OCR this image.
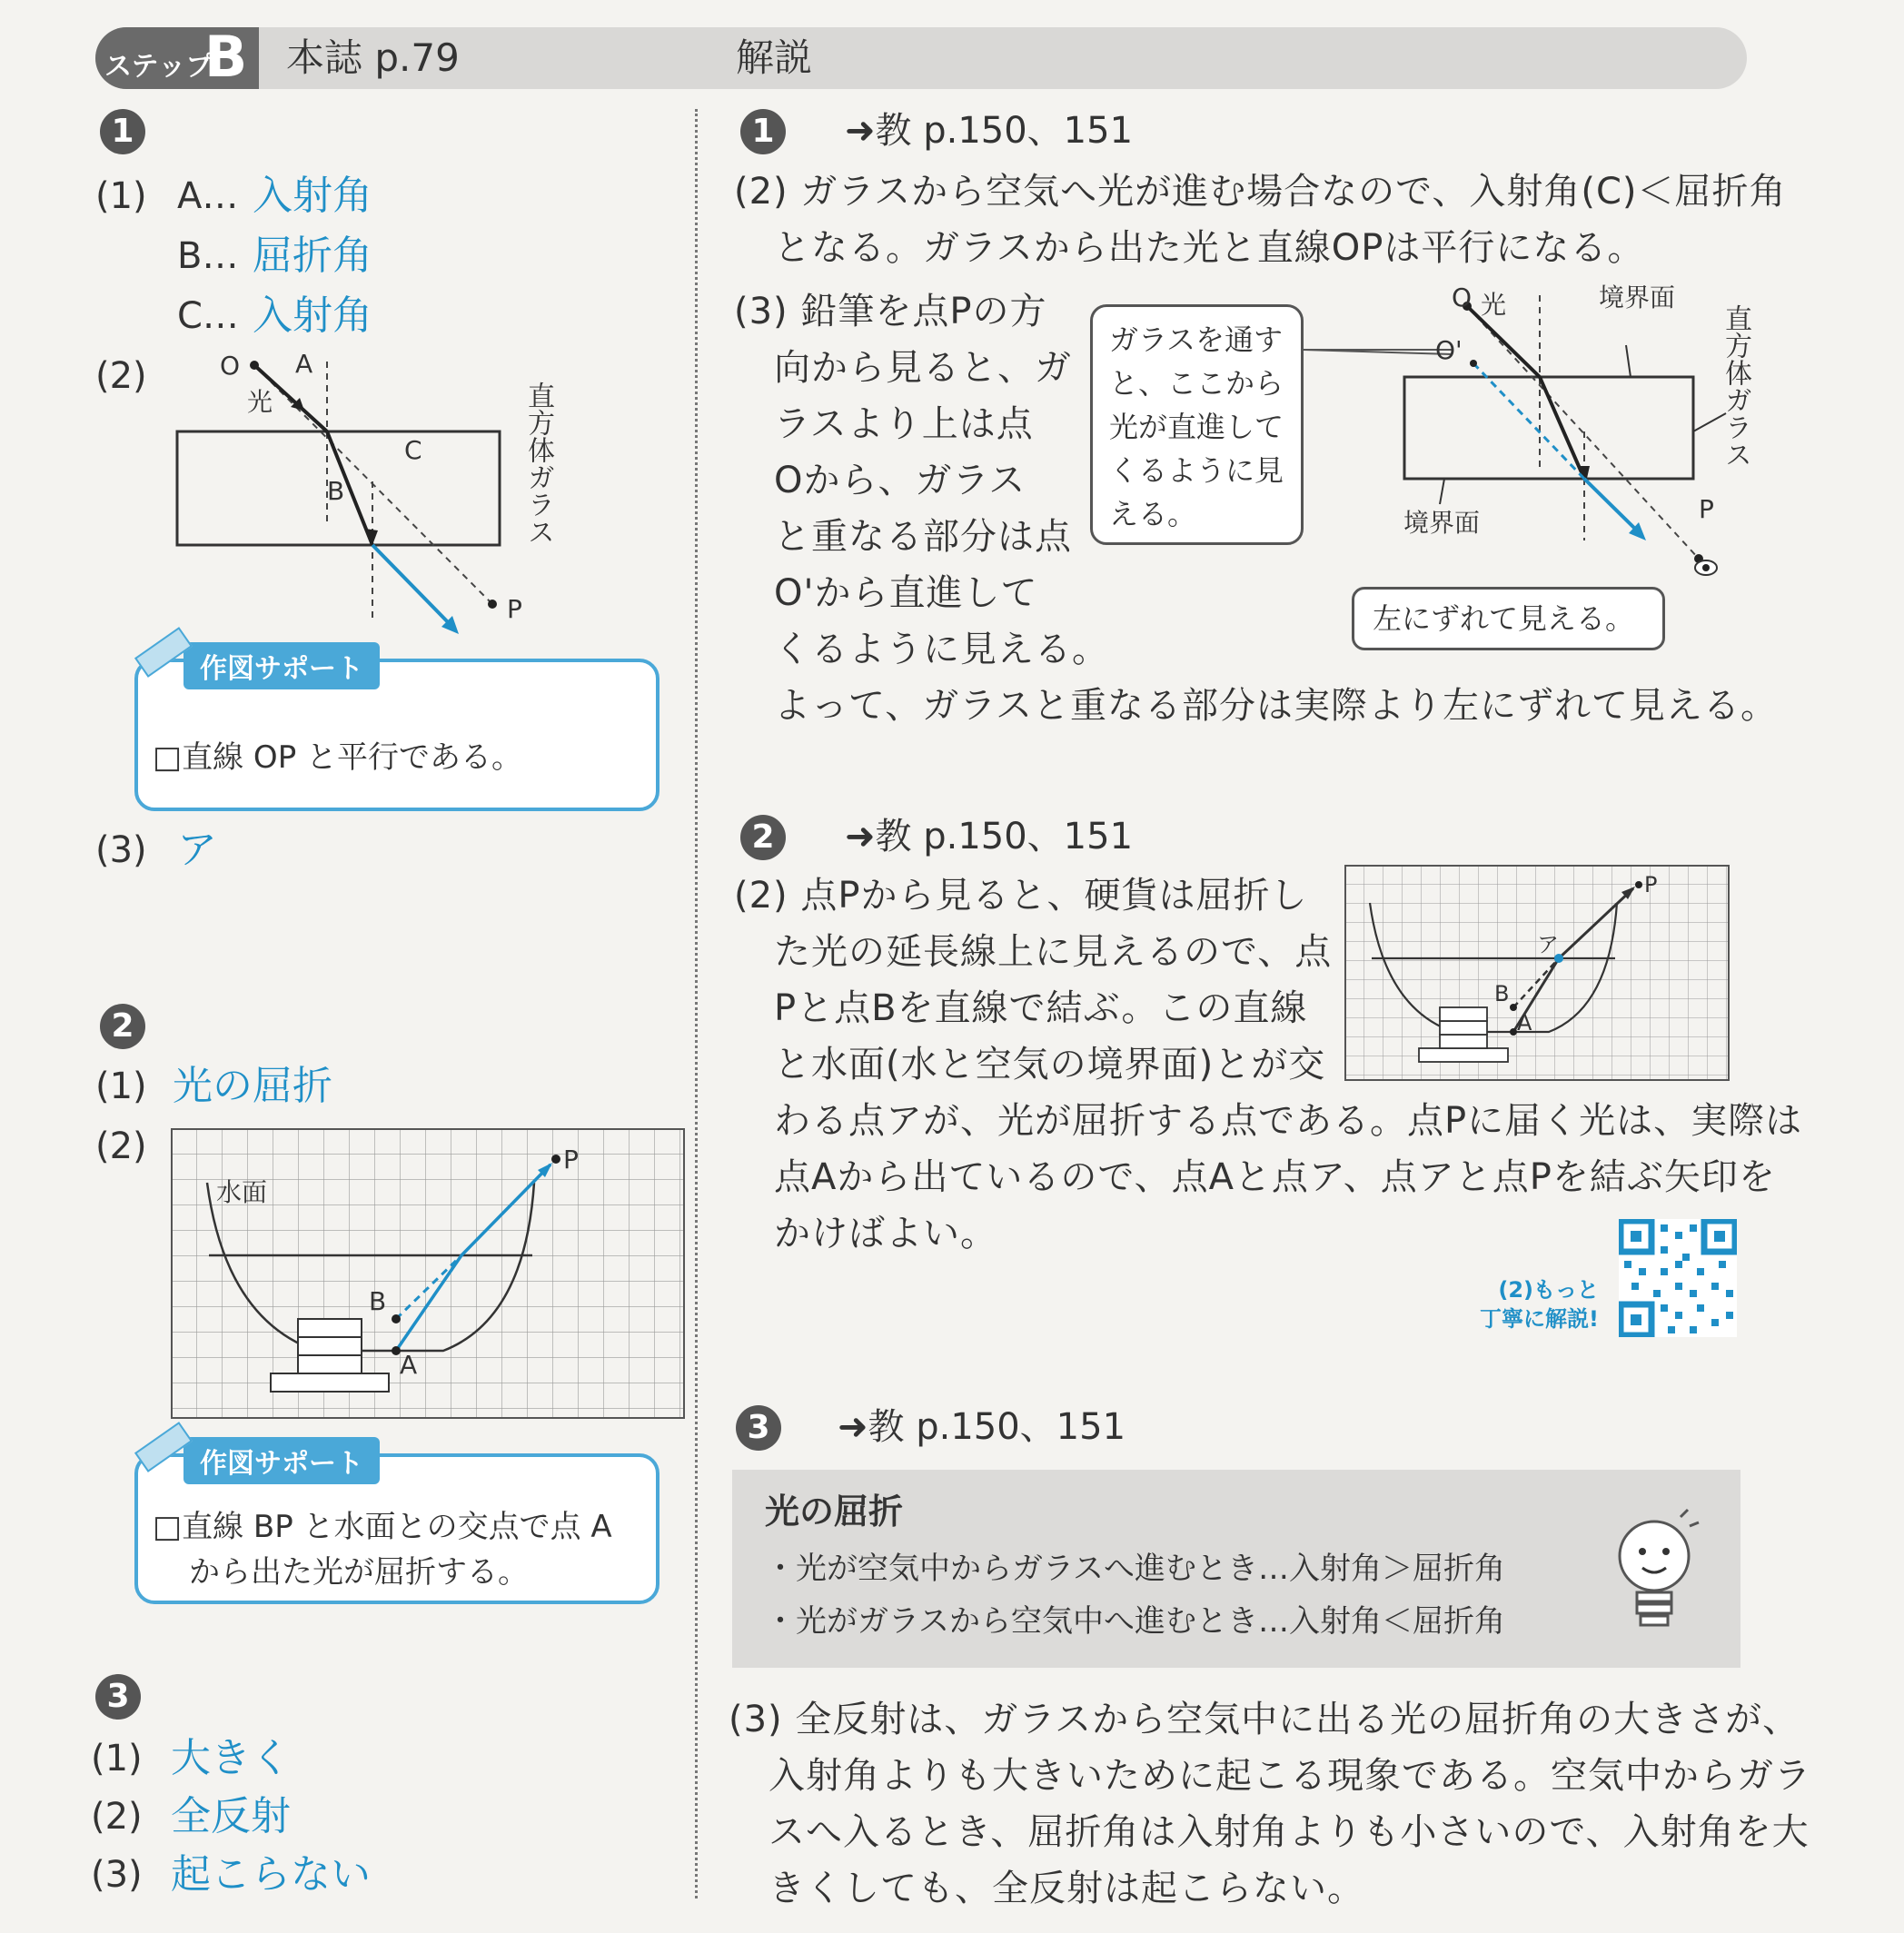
ステップ
B 本誌 p.79	解説
1
(1) A… 入射角
B… 屈折角
C… 入射角
(2)	O A
光
C
B
P
直方体ガラス
作図サポート
□直線 OP と平行である。
(3) ア
2
(1) 光の屈折
(2)	P
水面
B
A
作図サポート
□直線 BP と水面との交点で点 A
から出た光が屈折する。
3
(1) 大きく
(2) 全反射
(3) 起こらない
1	➜教 p.150、151
(2) ガラスから空気へ光が進む場合なので、入射角(C)＜屈折角
となる。ガラスから出た光と直線OPは平行になる。
(3) 鉛筆を点Pの方
向から見ると、ガ
ラスより上は点
Oから、ガラス
と重なる部分は点
O'から直進して
くるように見える。
ガラスを通す
と、ここから
光が直進して
くるように見
える。
O 光
O'
境界面
境界面	P
直方体ガラス
左にずれて見える。
よって、ガラスと重なる部分は実際より左にずれて見える。
2	➜教 p.150、151
(2) 点Pから見ると、硬貨は屈折し
た光の延長線上に見えるので、点
Pと点Bを直線で結ぶ。この直線
と水面(水と空気の境界面)とが交
わる点アが、光が屈折する点である。点Pに届く光は、実際は
点Aから出ているので、点Aと点ア、点アと点Pを結ぶ矢印を
かけばよい。
P
ア
B
A
(2)もっと
丁寧に解説!
3	➜教 p.150、151
光の屈折
・光が空気中からガラスへ進むとき…入射角＞屈折角
・光がガラスから空気中へ進むとき…入射角＜屈折角
(3) 全反射は、ガラスから空気中に出る光の屈折角の大きさが、
入射角よりも大きいために起こる現象である。空気中からガラ
スへ入るとき、屈折角は入射角よりも小さいので、入射角を大
きくしても、全反射は起こらない。
